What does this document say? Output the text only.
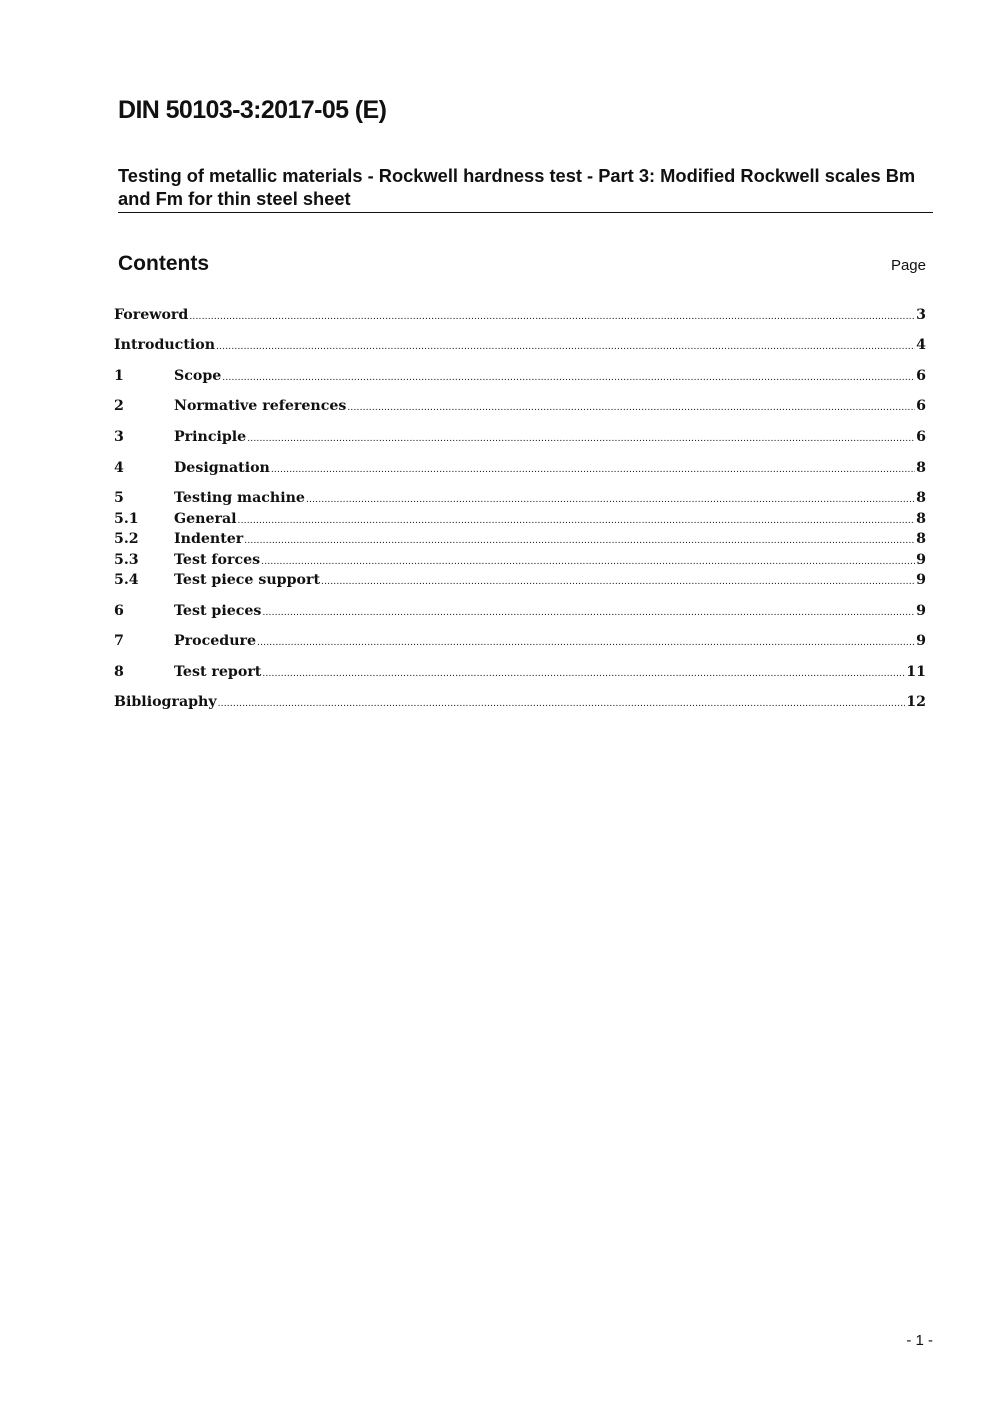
DIN 50103-3:2017-05 (E)
Testing of metallic materials - Rockwell hardness test - Part 3: Modified Rockwell scales Bm and Fm for thin steel sheet
Contents	Page
Foreword .....	3
Introduction .....	4
1	Scope .....	6
2	Normative references .....	6
3	Principle .....	6
4	Designation .....	8
5	Testing machine .....	8
5.1	General .....	8
5.2	Indenter .....	8
5.3	Test forces .....	9
5.4	Test piece support .....	9
6	Test pieces .....	9
7	Procedure .....	9
8	Test report .....	11
Bibliography .....	12
- 1 -
